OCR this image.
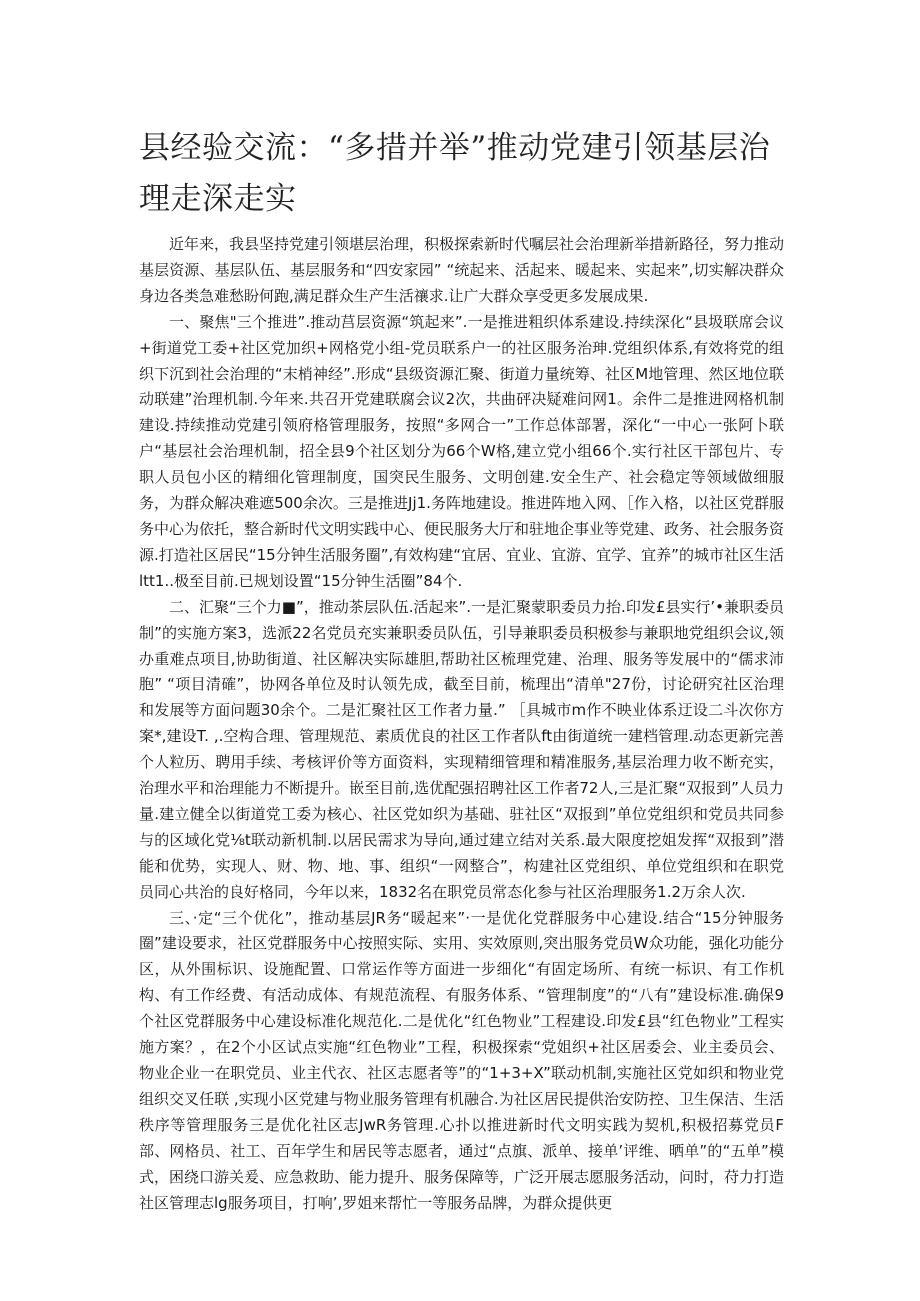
县经验交流：“多措并举”推动党建引领基层治理走深走实

近年来，我县坚持党建引领堪层治理，积极探索新时代嘱层社会治理新举措新路径，努力推动基层资源、基层队伍、基层服务和“四安家园” “统起来、活起来、暖起来、实起来”,切实解决群众身边各类急难愁盼何跑,满足群众生产生活禳求.让广大群众享受更多发展成果.

一、聚焦"三个推进”.推动莒层资源“筑起来”.一是推进粗织体系建设.持续深化“县圾联席会议+街道党工委+社区党加织+网格党小组-党员联系户一的社区服务治珅.党组织体系,有效将党的组织下沉到社会治理的“末梢神经”.形成“县级资源汇聚、街道力量统筹、社区M地管理、然区地位联动联建”治理机制.今年来.共召开党建联腐会议2次，共曲砰决疑难问网1。余件二是推进网格机制建设.持续推动党建引领府格管理服务，按照“多网合一”工作总体部署，深化“一中心一张阿卜联户“基层社会治理机制，招全县9个社区划分为66个W格,建立党小组66个.实行社区干部包片、专职人员包小区的精细化管理制度，国突民生服务、文明创建.安全生产、社会稳定等领域做细服务，为群众解决难遮500余次。三是推进Jj1.务阵地建设。推进阵地入网、［作入格，以社区党群服务中心为依托，整合新时代文明实践中心、便民服务大厅和驻地企事业等党建、政务、社会服务资源.打造社区居民“15分钟生活服务圈”,有效构建“宜居、宜业、宜游、宜学、宜养”的城市社区生活ltt1..极至目前.已规划设置“15分钟生活圈”84个.

二、汇聚“三个力■”，推动茶层队伍.活起来”.一是汇聚蒙职委员力抬.印发£县实行’•兼职委员制”的实施方案3，选派22名党员充实兼职委员队伍，引导兼职委员积极参与兼职地党组织会议,领办重难点项目,协助街道、社区解决实际雄胆,帮助社区梳理党建、治理、服务等发展中的“儒求沛胞” “项目清確”，协网各单位及时认领先成，截至目前，梳理出“清单"27份，讨论研究社区治理和发展等方面问题30余个。二是汇聚社区工作者力量.” ［具城市m作不映业体系迂设二斗次你方案*,建设T. ,.空构合理、管理规范、素质优良的社区工作者队ft由街道统一建档管理.动态更新完善个人粒历、聘用手续、考核评价等方面资料，实现精细管理和精准服务,基层治理力收不断充实，治理水平和治理能力不断提升。嵌至目前,选优配强招聘社区工作者72人,三是汇聚“双报到”人员力量.建立健全以街道党工委为核心、社区党如织为基础、驻社区“双报到”单位党组织和党员共同参与的区域化党⅛t联动新机制.以居民需求为导向,通过建立结对关系.最大限度挖姐发挥“双报到”潜能和优势，实现人、财、物、地、事、组织“一网整合”，构建社区党组织、单位党组织和在职党员同心共治的良好格同，今年以来，1832名在职党员常态化参与社区治理服务1.2万余人次.

三、·定“三个优化”，推动基层JR务“暖起来”·一是优化党群服务中心建设.结合“15分钟服务圈”建设要求，社区党群服务中心按照实际、实用、实效原则,突出服务党员W众功能，强化功能分区，从外围标识、设施配置、口常运作等方面进一步细化“有固定场所、有统一标识、有工作机构、有工作经费、有活动成体、有规范流程、有服务体系、“管理制度”的“八有”建设标准.确保9个社区党群服务中心建设标准化规范化.二是优化“红色物业”工程建设.印发£县“红色物业”工程实施方案？，在2个小区试点实施“红色物业”工程，积极探索“党姐织+社区居委会、业主委员会、物业企业一在职党员、业主代衣、社区志愿者等”的“1+3+X”联动机制,实施社区党如织和物业党组织交叉任联 ,实现小区党建与物业服务管理有机融合.为社区居民提供治安防控、卫生保洁、生活秩序等管理服务三是优化社区志JwR务管理.心扑以推进新时代文明实践为契机,积极招募党员F部、网格员、社工、百年学生和居民等志愿者，通过“点旗、派单、接单’评维、晒单”的“五单”模式，困绕口游关爰、应急救助、能力提升、服务保障等，广泛开展志愿服务活动，问时，苻力打造社区管理志lg服务项目，打响’,罗姐来帮忙一等服务品牌，为群众提供更
